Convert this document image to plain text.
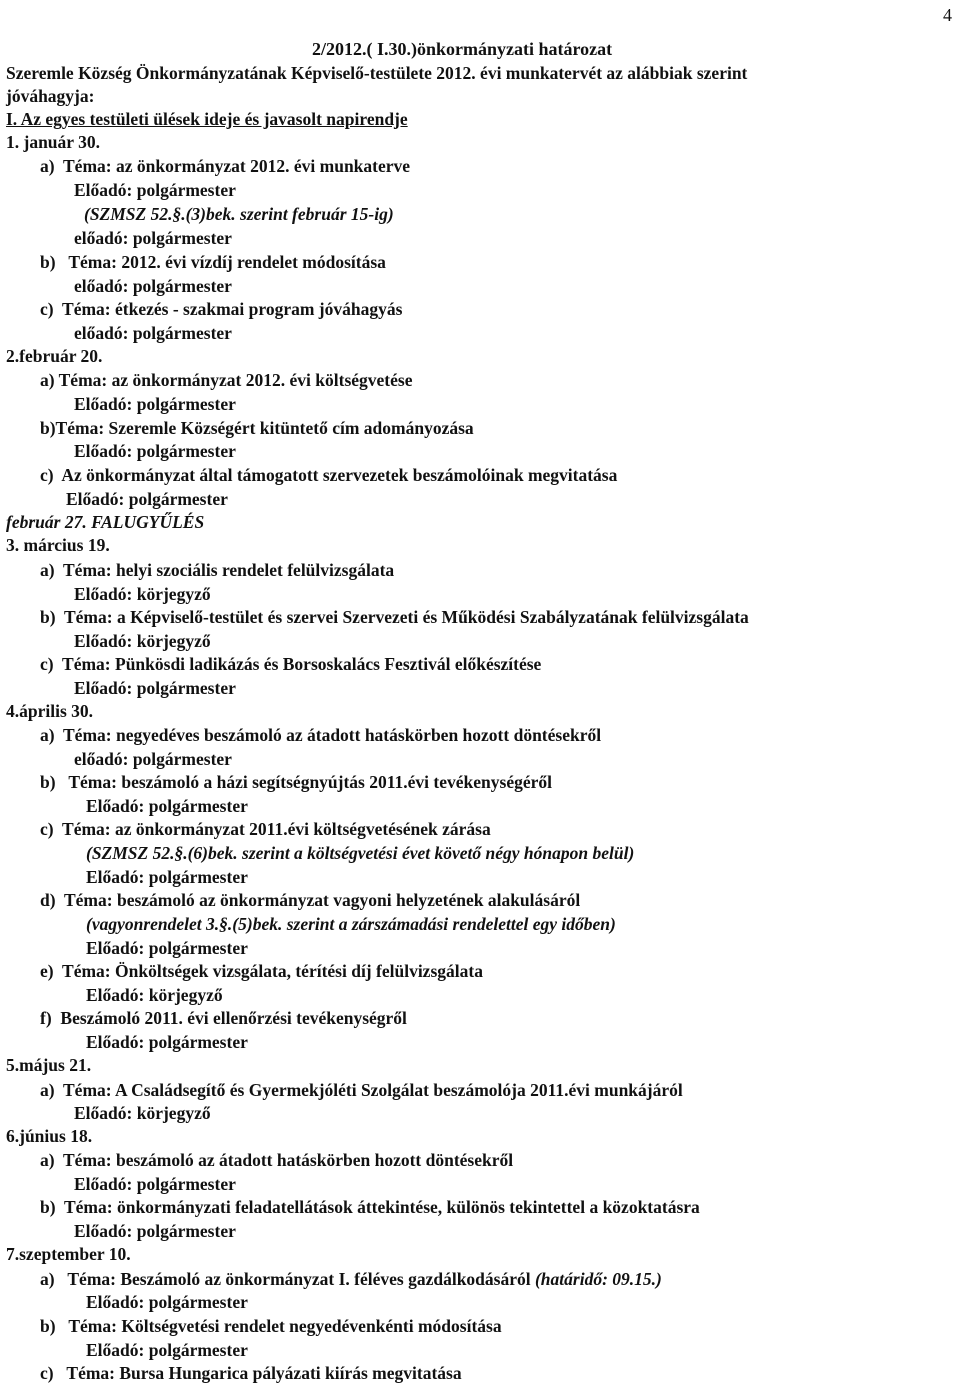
4
2/2012.( I.30.)önkormányzati határozat
Szeremle Község Önkormányzatának Képviselő-testülete 2012. évi munkatervét az alábbiak szerint
jóváhagyja:
I. Az egyes testületi ülések ideje és javasolt napirendje
1. január 30.
a)  Téma: az önkormányzat 2012. évi munkaterve
Előadó: polgármester
(SZMSZ 52.§.(3)bek. szerint február 15-ig)
előadó: polgármester
b)   Téma: 2012. évi vízdíj rendelet módosítása
előadó: polgármester
c)  Téma: étkezés - szakmai program jóváhagyás
előadó: polgármester
2.február 20.
a) Téma: az önkormányzat 2012. évi költségvetése
Előadó: polgármester
b)Téma: Szeremle Községért kitüntető cím adományozása
Előadó: polgármester
c)  Az önkormányzat által támogatott szervezetek beszámolóinak megvitatása
Előadó: polgármester
február 27. FALUGYŰLÉS
3. március 19.
a)  Téma: helyi szociális rendelet felülvizsgálata
Előadó: körjegyző
b)  Téma: a Képviselő-testület és szervei Szervezeti és Működési Szabályzatának felülvizsgálata
Előadó: körjegyző
c)  Téma: Pünkösdi ladikázás és Borsoskalács Fesztivál előkészítése
Előadó: polgármester
4.április 30.
a)  Téma: negyedéves beszámoló az átadott hatáskörben hozott döntésekről
előadó: polgármester
b)   Téma: beszámoló a házi segítségnyújtás 2011.évi tevékenységéről
Előadó: polgármester
c)  Téma: az önkormányzat 2011.évi költségvetésének zárása
(SZMSZ 52.§.(6)bek. szerint a költségvetési évet követő négy hónapon belül)
Előadó: polgármester
d)  Téma: beszámoló az önkormányzat vagyoni helyzetének alakulásáról
(vagyonrendelet 3.§.(5)bek. szerint a zárszámadási rendelettel egy időben)
Előadó: polgármester
e)  Téma: Önköltségek vizsgálata, térítési díj felülvizsgálata
Előadó: körjegyző
f)  Beszámoló 2011. évi ellenőrzési tevékenységről
Előadó: polgármester
5.május 21.
a)  Téma: A Családsegítő és Gyermekjóléti Szolgálat beszámolója 2011.évi munkájáról
Előadó: körjegyző
6.június 18.
a)  Téma: beszámoló az átadott hatáskörben hozott döntésekről
Előadó: polgármester
b)  Téma: önkormányzati feladatellátások áttekintése, különös tekintettel a közoktatásra
Előadó: polgármester
7.szeptember 10.
a)   Téma: Beszámoló az önkormányzat I. féléves gazdálkodásáról (határidő: 09.15.)
Előadó: polgármester
b)   Téma: Költségvetési rendelet negyedévenkénti módosítása
Előadó: polgármester
c)   Téma: Bursa Hungarica pályázati kiírás megvitatása
